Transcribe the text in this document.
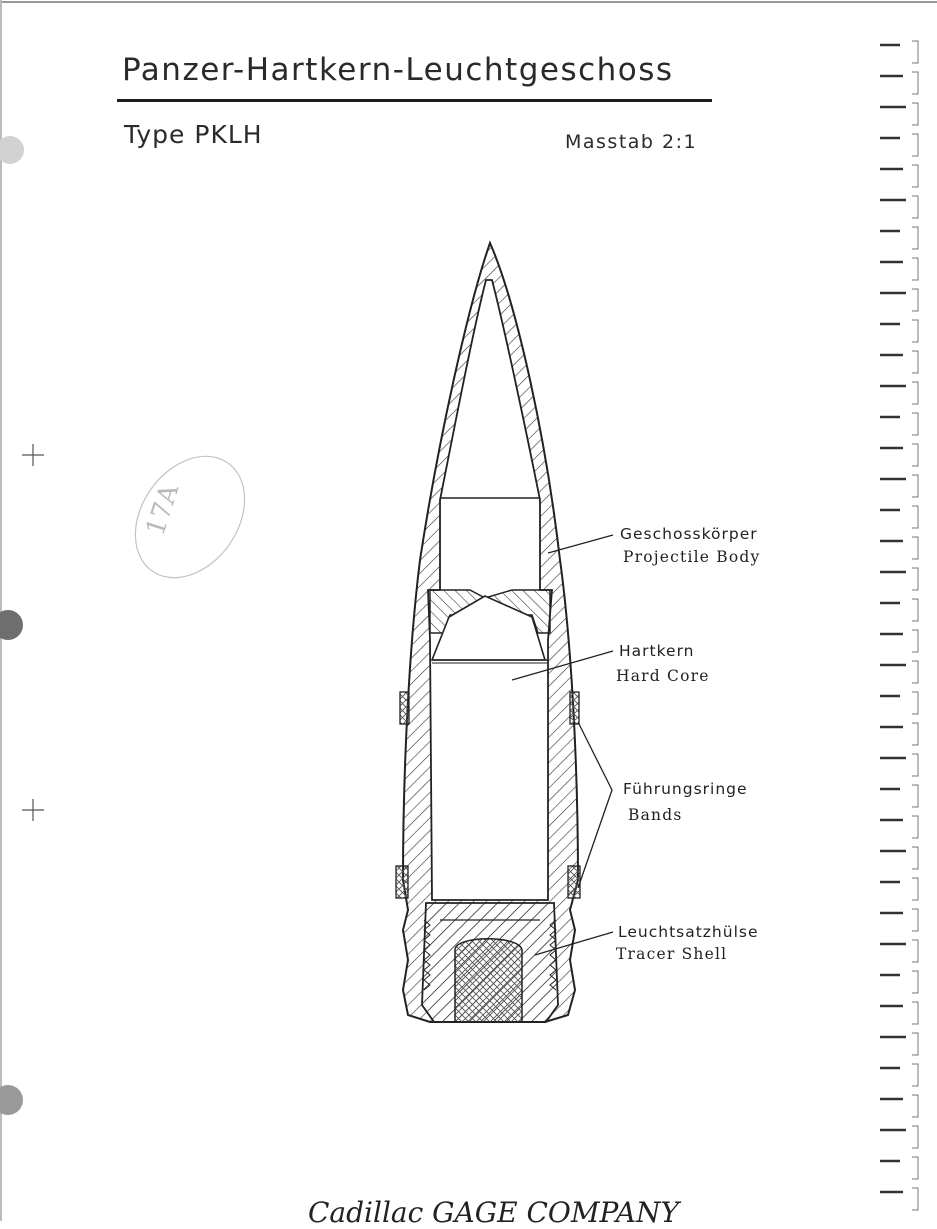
Panzer-Hartkern-Leuchtgeschoss
Type PKLH	Masstab 2:1
17A	Geschosskörper
Projectile Body
Hartkern
Hard Core
Führungsringe
Bands
Leuchtsatzhülse
Tracer Shell
Cadillac GAGE COMPANY
